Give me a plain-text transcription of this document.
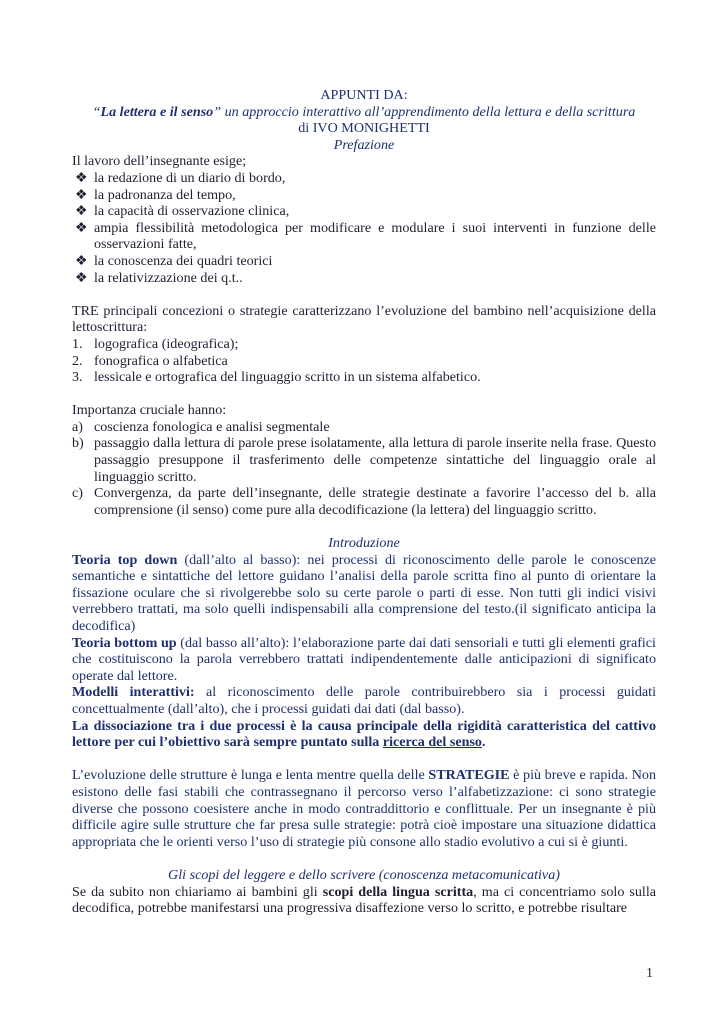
APPUNTI DA:

“La lettera e il senso” un approccio interattivo all’apprendimento della lettura e della scrittura

di IVO MONIGHETTI

Prefazione

Il lavoro dell’insegnante esige;

❖ la redazione di un diario di bordo,
❖ la padronanza del tempo,
❖ la capacità di osservazione clinica,
❖ ampia flessibilità metodologica per modificare e modulare i suoi interventi in funzione delle osservazioni fatte,
❖ la conoscenza dei quadri teorici
❖ la relativizzazione dei q.t..

TRE principali concezioni o strategie caratterizzano l’evoluzione del bambino nell’acquisizione della lettoscrittura:

1. logografica (ideografica);
2. fonografica o alfabetica
3. lessicale e ortografica del linguaggio scritto in un sistema alfabetico.

Importanza cruciale hanno:

a) coscienza fonologica e analisi segmentale
b) passaggio dalla lettura di parole prese isolatamente, alla lettura di parole inserite nella frase. Questo passaggio presuppone il trasferimento delle competenze sintattiche del linguaggio orale al linguaggio scritto.
c) Convergenza, da parte dell’insegnante, delle strategie destinate a favorire l’accesso del b. alla comprensione (il senso) come pure alla decodificazione (la lettera) del linguaggio scritto.

Introduzione

Teoria top down (dall’alto al basso): nei processi di riconoscimento delle parole le conoscenze semantiche e sintattiche del lettore guidano l’analisi della parole scritta fino al punto di orientare la fissazione oculare che si rivolgerebbe solo su certe parole o parti di esse. Non tutti gli indici visivi verrebbero trattati, ma solo quelli indispensabili alla comprensione del testo.(il significato anticipa la decodifica)

Teoria bottom up (dal basso all’alto): l’elaborazione parte dai dati sensoriali e tutti gli elementi grafici che costituiscono la parola verrebbero trattati indipendentemente dalle anticipazioni di significato operate dal lettore.

Modelli interattivi: al riconoscimento delle parole contribuirebbero sia i processi guidati concettualmente (dall’alto), che i processi guidati dai dati (dal basso).

La dissociazione tra i due processi è la causa principale della rigidità caratteristica del cattivo lettore per cui l’obiettivo sarà sempre puntato sulla ricerca del senso.

L’evoluzione delle strutture è lunga e lenta mentre quella delle STRATEGIE è più breve e rapida. Non esistono delle fasi stabili che contrassegnano il percorso verso l’alfabetizzazione: ci sono strategie diverse che possono coesistere anche in modo contraddittorio e conflittuale. Per un insegnante è più difficile agire sulle strutture che far presa sulle strategie: potrà cioè impostare una situazione didattica appropriata che le orienti verso l’uso di strategie più consone allo stadio evolutivo a cui si è giunti.

Gli scopi del leggere e dello scrivere (conoscenza metacomunicativa)

Se da subito non chiariamo ai bambini gli scopi della lingua scritta, ma ci concentriamo solo sulla decodifica, potrebbe manifestarsi una progressiva disaffezione verso lo scritto, e potrebbe risultare

1
